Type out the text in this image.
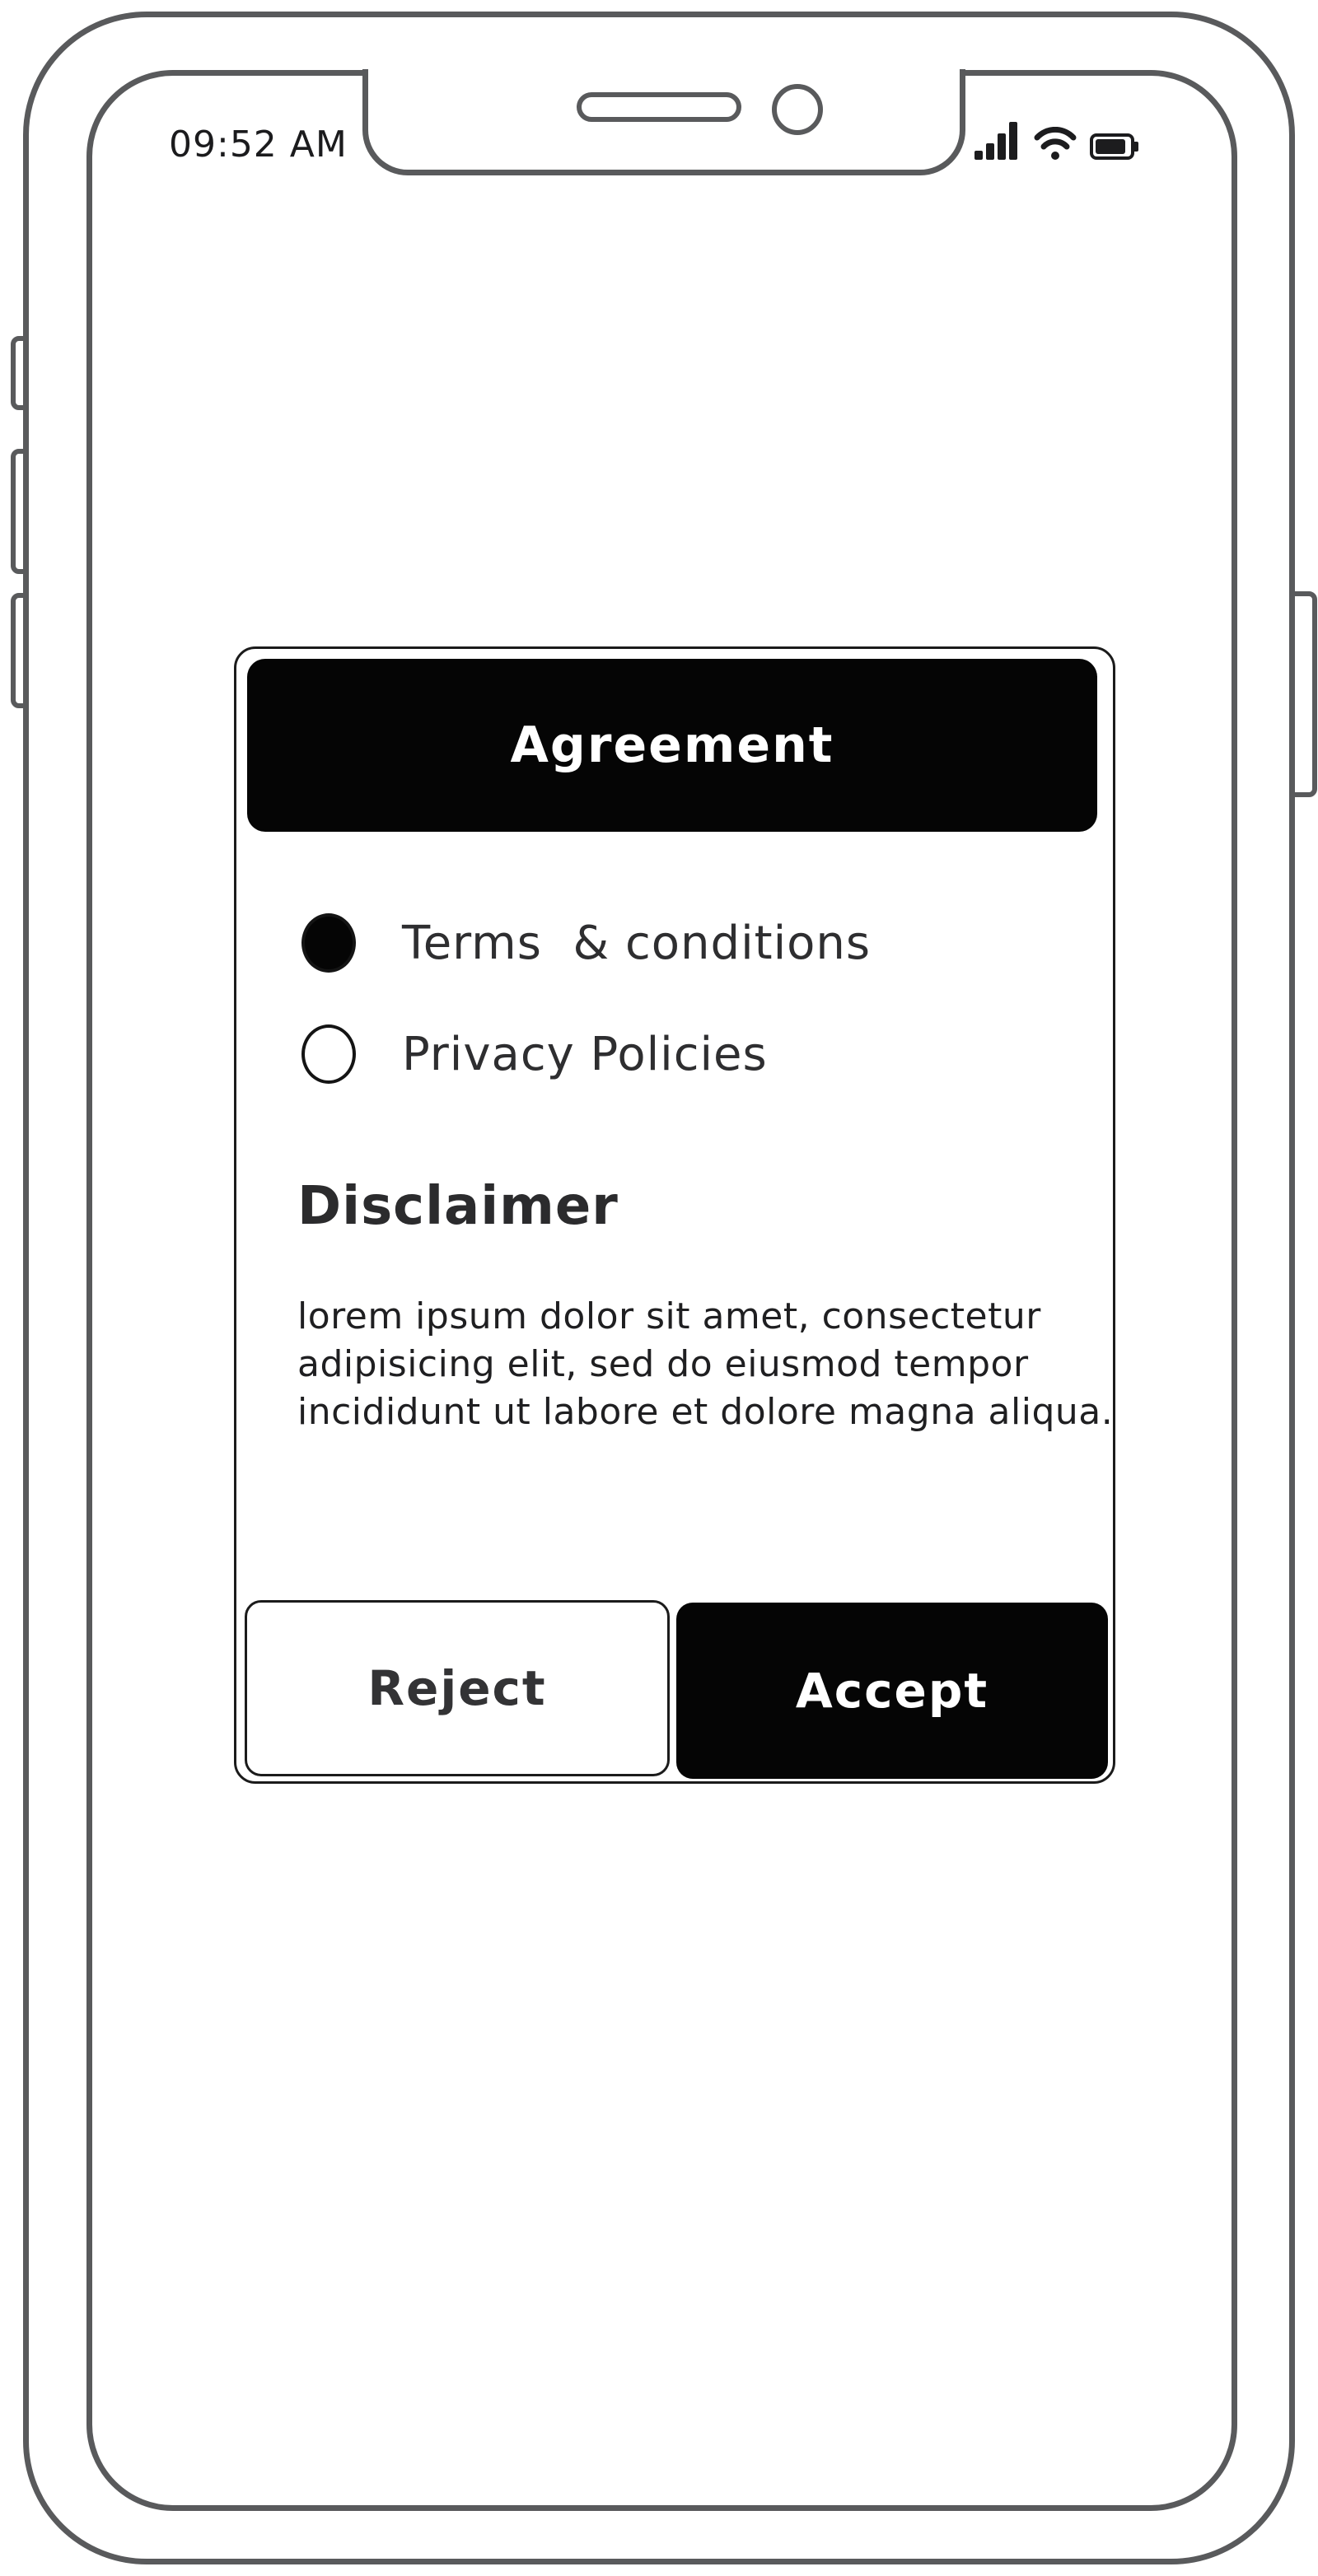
09:52 AM
Agreement
Terms  & conditions
Privacy Policies
Disclaimer
lorem ipsum dolor sit amet, consectetur
adipisicing elit, sed do eiusmod tempor
incididunt ut labore et dolore magna aliqua.
Reject	Accept
